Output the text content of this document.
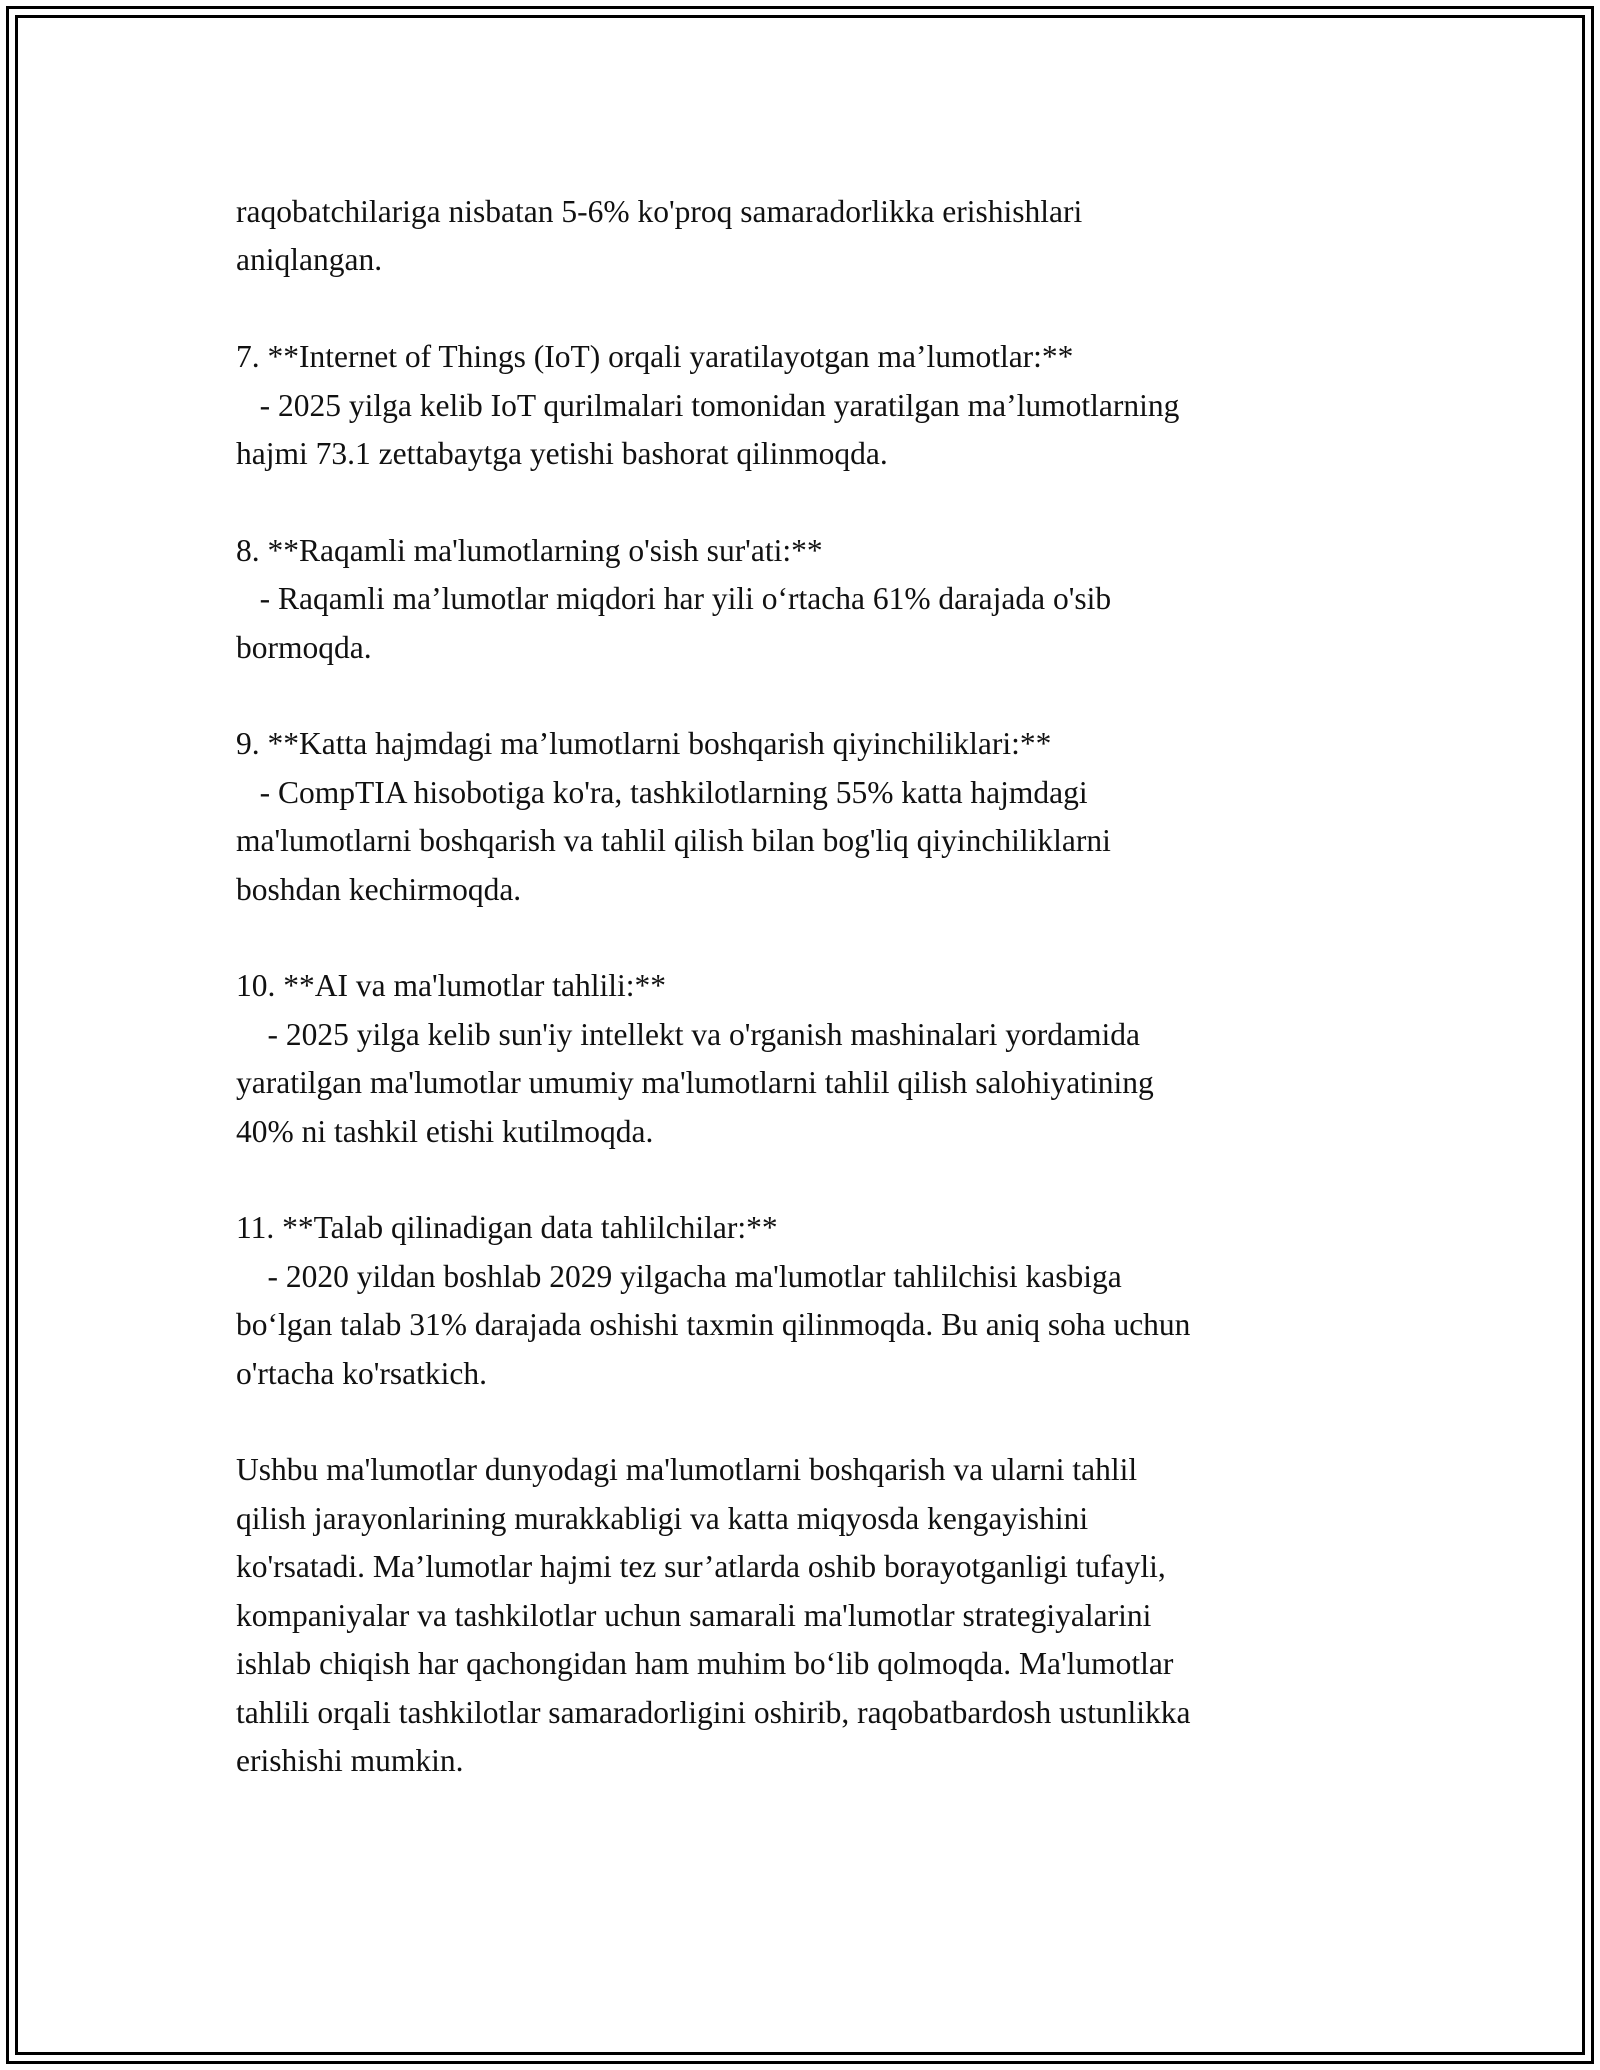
raqobatchilariga nisbatan 5-6% ko'proq samaradorlikka erishishlari
aniqlangan.
7. **Internet of Things (IoT) orqali yaratilayotgan ma’lumotlar:**
- 2025 yilga kelib IoT qurilmalari tomonidan yaratilgan ma’lumotlarning
hajmi 73.1 zettabaytga yetishi bashorat qilinmoqda.
8. **Raqamli ma'lumotlarning o'sish sur'ati:**
- Raqamli ma’lumotlar miqdori har yili o‘rtacha 61% darajada o'sib
bormoqda.
9. **Katta hajmdagi ma’lumotlarni boshqarish qiyinchiliklari:**
- CompTIA hisobotiga ko'ra, tashkilotlarning 55% katta hajmdagi
ma'lumotlarni boshqarish va tahlil qilish bilan bog'liq qiyinchiliklarni
boshdan kechirmoqda.
10. **AI va ma'lumotlar tahlili:**
- 2025 yilga kelib sun'iy intellekt va o'rganish mashinalari yordamida
yaratilgan ma'lumotlar umumiy ma'lumotlarni tahlil qilish salohiyatining
40% ni tashkil etishi kutilmoqda.
11. **Talab qilinadigan data tahlilchilar:**
- 2020 yildan boshlab 2029 yilgacha ma'lumotlar tahlilchisi kasbiga
bo‘lgan talab 31% darajada oshishi taxmin qilinmoqda. Bu aniq soha uchun
o'rtacha ko'rsatkich.
Ushbu ma'lumotlar dunyodagi ma'lumotlarni boshqarish va ularni tahlil
qilish jarayonlarining murakkabligi va katta miqyosda kengayishini
ko'rsatadi. Ma’lumotlar hajmi tez sur’atlarda oshib borayotganligi tufayli,
kompaniyalar va tashkilotlar uchun samarali ma'lumotlar strategiyalarini
ishlab chiqish har qachongidan ham muhim bo‘lib qolmoqda. Ma'lumotlar
tahlili orqali tashkilotlar samaradorligini oshirib, raqobatbardosh ustunlikka
erishishi mumkin.
